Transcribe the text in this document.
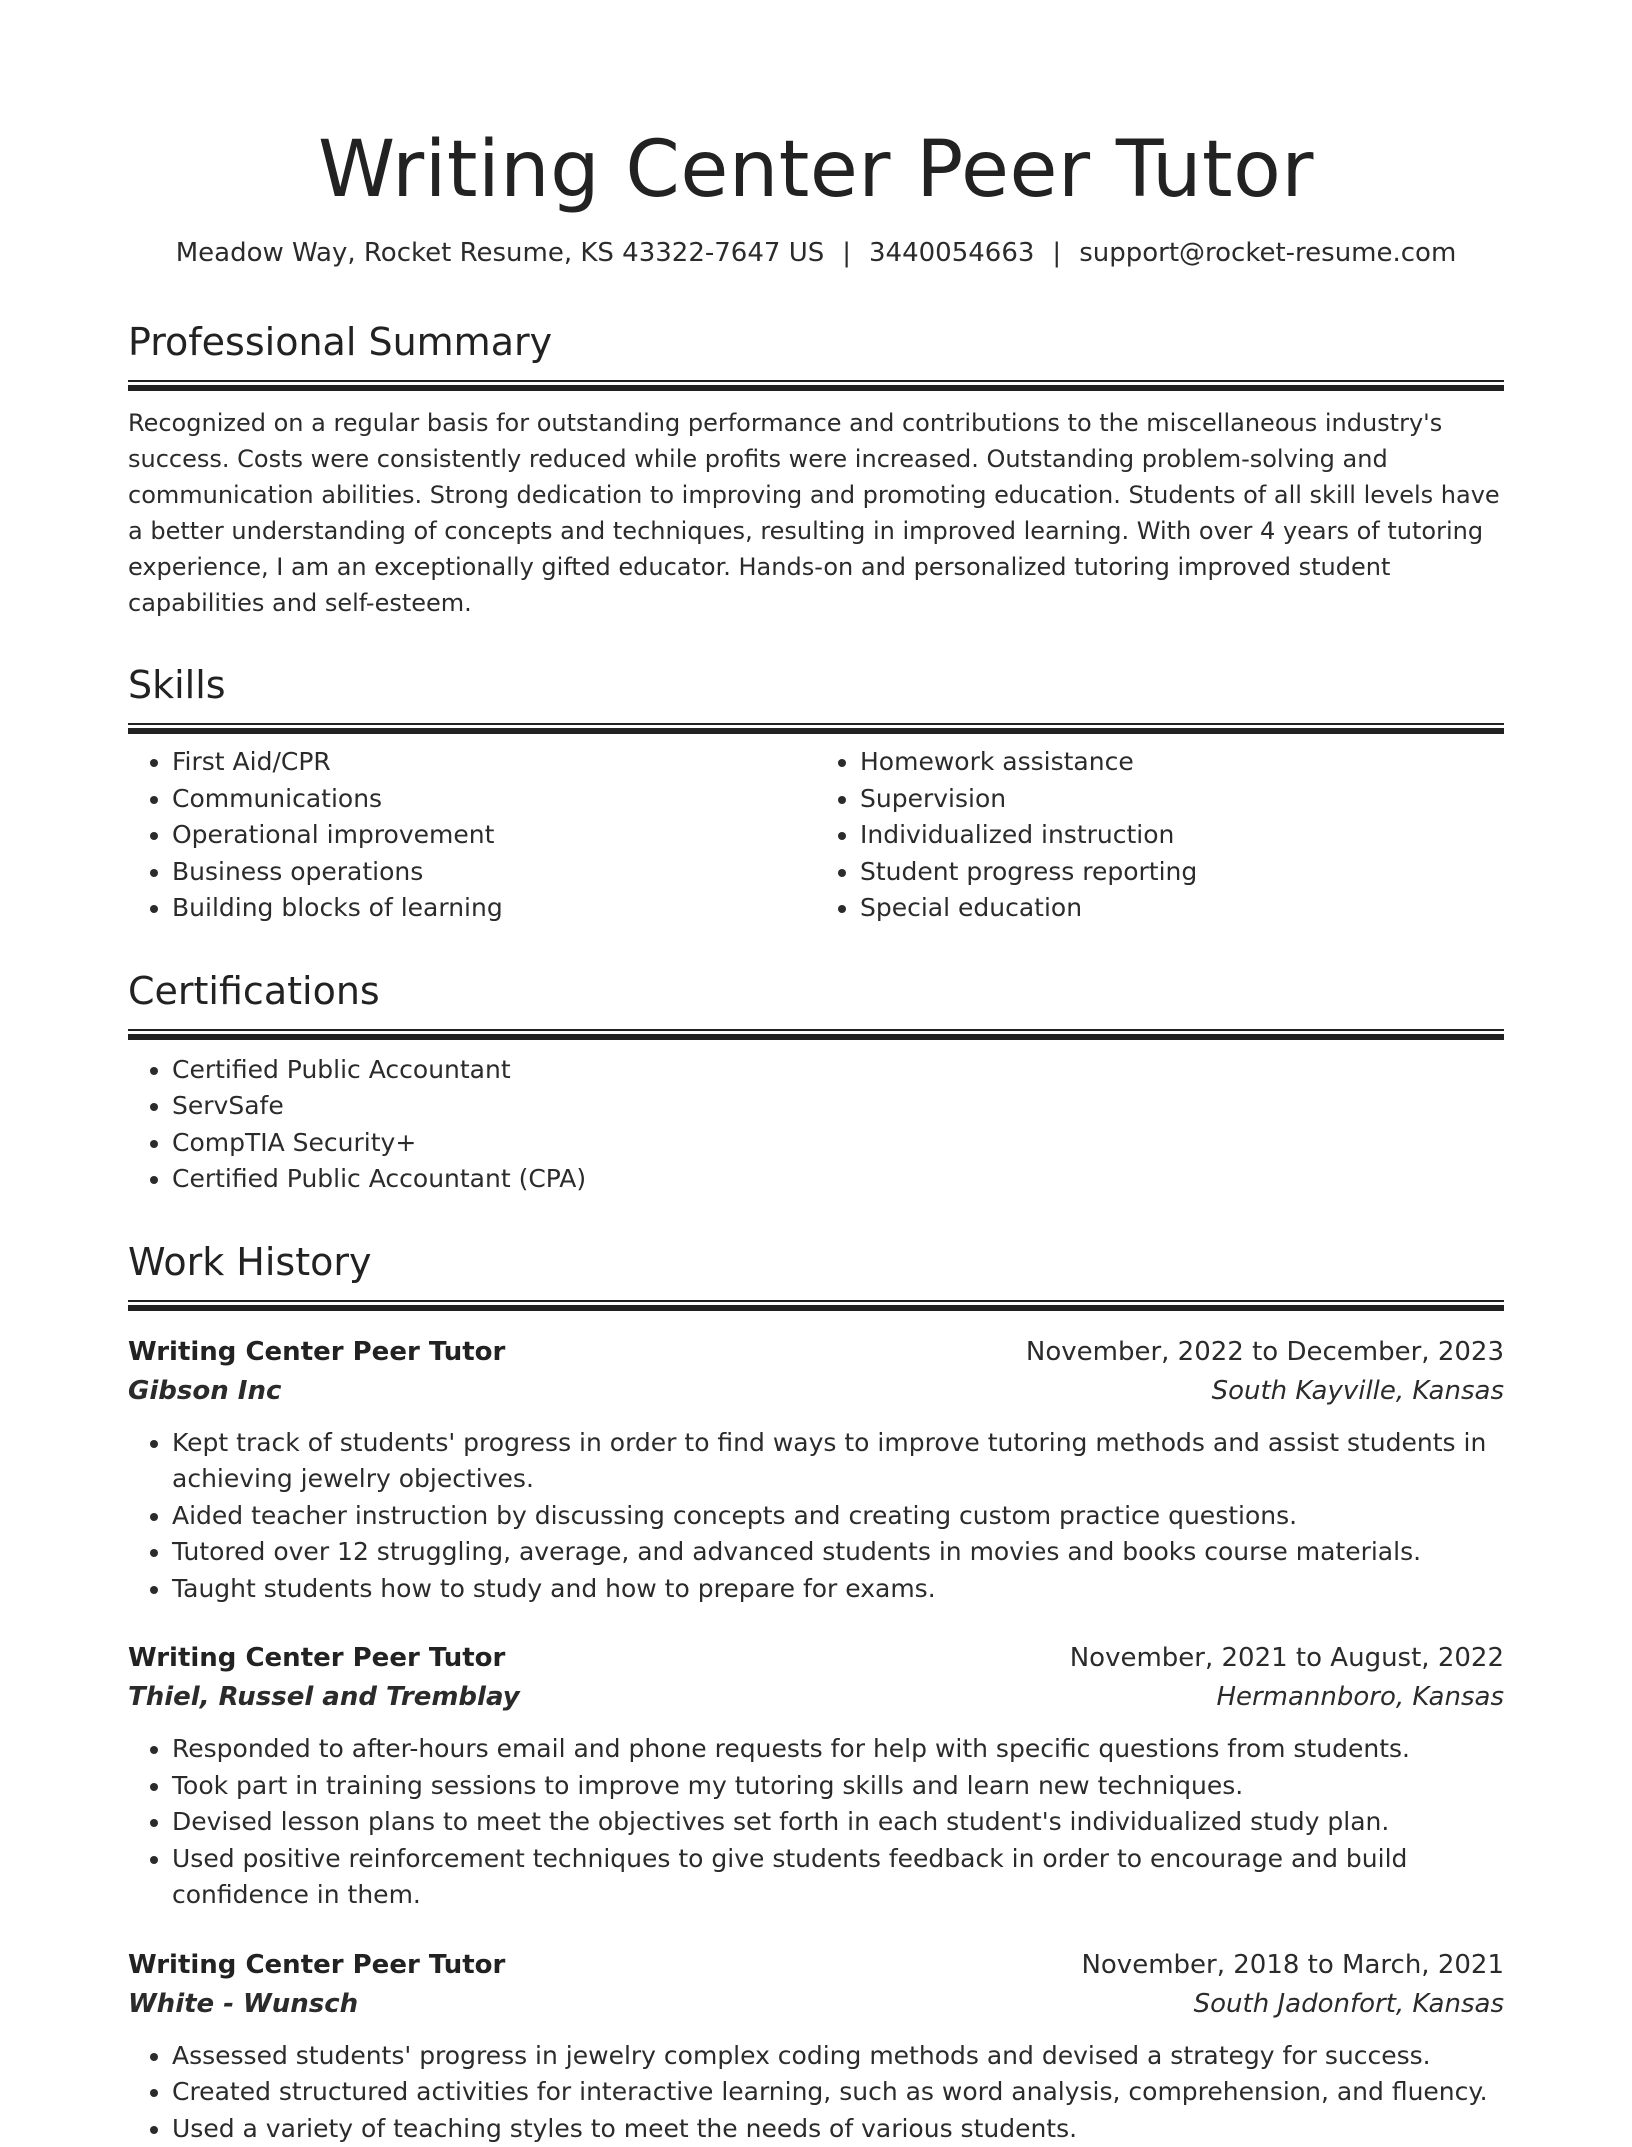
Writing Center Peer Tutor
Meadow Way, Rocket Resume, KS 43322-7647 US | 3440054663 | support@rocket-resume.com
Professional Summary
Recognized on a regular basis for outstanding performance and contributions to the miscellaneous industry's success. Costs were consistently reduced while profits were increased. Outstanding problem-solving and communication abilities. Strong dedication to improving and promoting education. Students of all skill levels have a better understanding of concepts and techniques, resulting in improved learning. With over 4 years of tutoring experience, I am an exceptionally gifted educator. Hands-on and personalized tutoring improved student capabilities and self-esteem.
Skills
• First Aid/CPR
• Communications
• Operational improvement
• Business operations
• Building blocks of learning
• Homework assistance
• Supervision
• Individualized instruction
• Student progress reporting
• Special education
Certifications
• Certified Public Accountant
• ServSafe
• CompTIA Security+
• Certified Public Accountant (CPA)
Work History
Writing Center Peer Tutor	November, 2022 to December, 2023
Gibson Inc	South Kayville, Kansas
• Kept track of students' progress in order to find ways to improve tutoring methods and assist students in achieving jewelry objectives.
• Aided teacher instruction by discussing concepts and creating custom practice questions.
• Tutored over 12 struggling, average, and advanced students in movies and books course materials.
• Taught students how to study and how to prepare for exams.
Writing Center Peer Tutor	November, 2021 to August, 2022
Thiel, Russel and Tremblay	Hermannboro, Kansas
• Responded to after-hours email and phone requests for help with specific questions from students.
• Took part in training sessions to improve my tutoring skills and learn new techniques.
• Devised lesson plans to meet the objectives set forth in each student's individualized study plan.
• Used positive reinforcement techniques to give students feedback in order to encourage and build confidence in them.
Writing Center Peer Tutor	November, 2018 to March, 2021
White - Wunsch	South Jadonfort, Kansas
• Assessed students' progress in jewelry complex coding methods and devised a strategy for success.
• Created structured activities for interactive learning, such as word analysis, comprehension, and fluency.
• Used a variety of teaching styles to meet the needs of various students.
